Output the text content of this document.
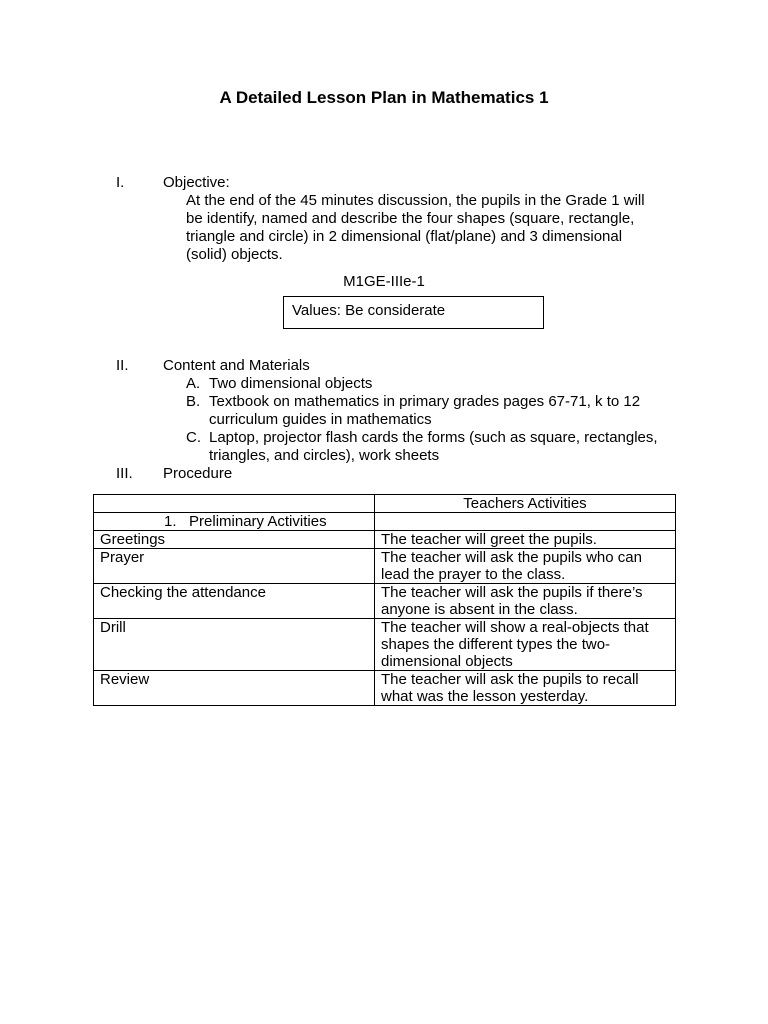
A Detailed Lesson Plan in Mathematics 1
I.	Objective:
At the end of the 45 minutes discussion, the pupils in the Grade 1 will
be identify, named and describe the four shapes (square, rectangle,
triangle and circle) in 2 dimensional (flat/plane) and 3 dimensional
(solid) objects.
M1GE-IIIe-1
Values: Be considerate
II. Content and Materials
A. Two dimensional objects
B. Textbook on mathematics in primary grades pages 67-71, k to 12
curriculum guides in mathematics
C. Laptop, projector flash cards the forms (such as square, rectangles,
triangles, and circles), work sheets
III. Procedure
	Teachers Activities
1. Preliminary Activities	
Greetings	The teacher will greet the pupils.

Prayer	The teacher will ask the pupils who can
lead the prayer to the class.

Checking the attendance	The teacher will ask the pupils if there’s
anyone is absent in the class.

Drill	The teacher will show a real-objects that
shapes the different types the two-
dimensional objects

Review	The teacher will ask the pupils to recall
what was the lesson yesterday.
